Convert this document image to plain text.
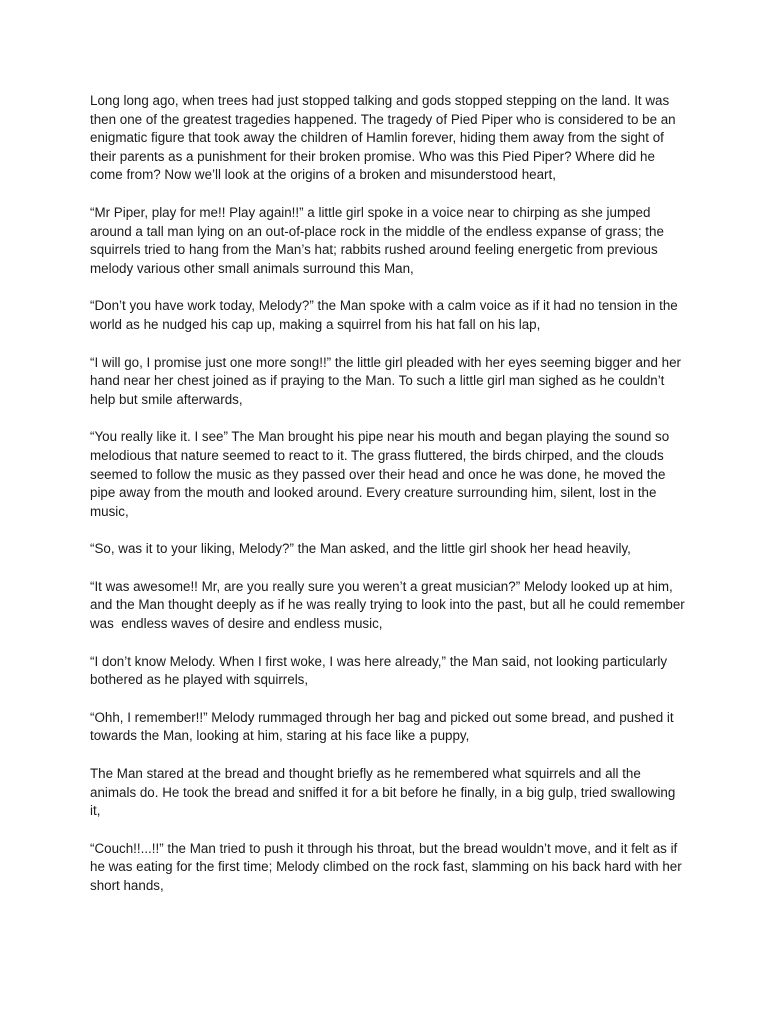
Long long ago, when trees had just stopped talking and gods stopped stepping on the land. It was then one of the greatest tragedies happened. The tragedy of Pied Piper who is considered to be an enigmatic figure that took away the children of Hamlin forever, hiding them away from the sight of their parents as a punishment for their broken promise. Who was this Pied Piper? Where did he come from? Now we’ll look at the origins of a broken and misunderstood heart,

“Mr Piper, play for me!! Play again!!” a little girl spoke in a voice near to chirping as she jumped around a tall man lying on an out-of-place rock in the middle of the endless expanse of grass; the squirrels tried to hang from the Man’s hat; rabbits rushed around feeling energetic from previous melody various other small animals surround this Man,

“Don’t you have work today, Melody?” the Man spoke with a calm voice as if it had no tension in the world as he nudged his cap up, making a squirrel from his hat fall on his lap,

“I will go, I promise just one more song!!” the little girl pleaded with her eyes seeming bigger and her hand near her chest joined as if praying to the Man. To such a little girl man sighed as he couldn’t help but smile afterwards,

“You really like it. I see” The Man brought his pipe near his mouth and began playing the sound so melodious that nature seemed to react to it. The grass fluttered, the birds chirped, and the clouds seemed to follow the music as they passed over their head and once he was done, he moved the pipe away from the mouth and looked around. Every creature surrounding him, silent, lost in the music,

“So, was it to your liking, Melody?” the Man asked, and the little girl shook her head heavily,

“It was awesome!! Mr, are you really sure you weren’t a great musician?” Melody looked up at him, and the Man thought deeply as if he was really trying to look into the past, but all he could remember was  endless waves of desire and endless music,

“I don’t know Melody. When I first woke, I was here already,” the Man said, not looking particularly bothered as he played with squirrels,

“Ohh, I remember!!” Melody rummaged through her bag and picked out some bread, and pushed it towards the Man, looking at him, staring at his face like a puppy,

The Man stared at the bread and thought briefly as he remembered what squirrels and all the animals do. He took the bread and sniffed it for a bit before he finally, in a big gulp, tried swallowing it,

“Couch!!...!!” the Man tried to push it through his throat, but the bread wouldn’t move, and it felt as if he was eating for the first time; Melody climbed on the rock fast, slamming on his back hard with her short hands,
